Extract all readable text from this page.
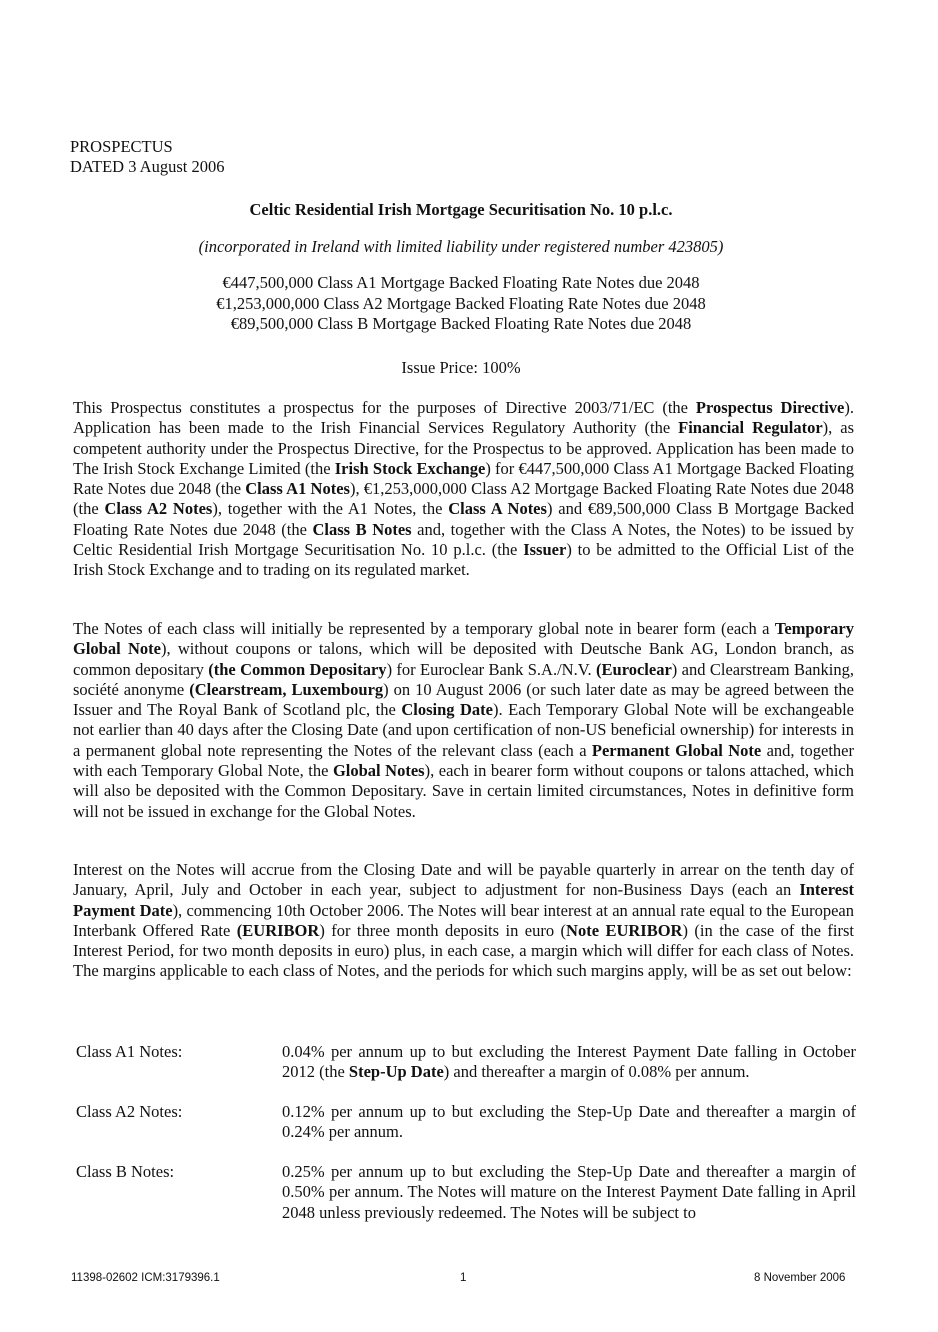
PROSPECTUS
DATED 3 August 2006
Celtic Residential Irish Mortgage Securitisation No. 10 p.l.c.
(incorporated in Ireland with limited liability under registered number 423805)
€447,500,000 Class A1 Mortgage Backed Floating Rate Notes due 2048
€1,253,000,000 Class A2 Mortgage Backed Floating Rate Notes due 2048
€89,500,000 Class B Mortgage Backed Floating Rate Notes due 2048
Issue Price: 100%

This Prospectus constitutes a prospectus for the purposes of Directive 2003/71/EC (the Prospectus Directive). Application has been made to the Irish Financial Services Regulatory Authority (the Financial Regulator), as competent authority under the Prospectus Directive, for the Prospectus to be approved. Application has been made to The Irish Stock Exchange Limited (the Irish Stock Exchange) for €447,500,000 Class A1 Mortgage Backed Floating Rate Notes due 2048 (the Class A1 Notes), €1,253,000,000 Class A2 Mortgage Backed Floating Rate Notes due 2048 (the Class A2 Notes), together with the A1 Notes, the Class A Notes) and €89,500,000 Class B Mortgage Backed Floating Rate Notes due 2048 (the Class B Notes and, together with the Class A Notes, the Notes) to be issued by Celtic Residential Irish Mortgage Securitisation No. 10 p.l.c. (the Issuer) to be admitted to the Official List of the Irish Stock Exchange and to trading on its regulated market.

The Notes of each class will initially be represented by a temporary global note in bearer form (each a Temporary Global Note), without coupons or talons, which will be deposited with Deutsche Bank AG, London branch, as common depositary (the Common Depositary) for Euroclear Bank S.A./N.V. (Euroclear) and Clearstream Banking, société anonyme (Clearstream, Luxembourg) on 10 August 2006 (or such later date as may be agreed between the Issuer and The Royal Bank of Scotland plc, the Closing Date). Each Temporary Global Note will be exchangeable not earlier than 40 days after the Closing Date (and upon certification of non-US beneficial ownership) for interests in a permanent global note representing the Notes of the relevant class (each a Permanent Global Note and, together with each Temporary Global Note, the Global Notes), each in bearer form without coupons or talons attached, which will also be deposited with the Common Depositary. Save in certain limited circumstances, Notes in definitive form will not be issued in exchange for the Global Notes.

Interest on the Notes will accrue from the Closing Date and will be payable quarterly in arrear on the tenth day of January, April, July and October in each year, subject to adjustment for non-Business Days (each an Interest Payment Date), commencing 10th October 2006. The Notes will bear interest at an annual rate equal to the European Interbank Offered Rate (EURIBOR) for three month deposits in euro (Note EURIBOR) (in the case of the first Interest Period, for two month deposits in euro) plus, in each case, a margin which will differ for each class of Notes. The margins applicable to each class of Notes, and the periods for which such margins apply, will be as set out below:

Class A1 Notes:	0.04% per annum up to but excluding the Interest Payment Date falling in October 2012 (the Step-Up Date) and thereafter a margin of 0.08% per annum.
Class A2 Notes:	0.12% per annum up to but excluding the Step-Up Date and thereafter a margin of 0.24% per annum.
Class B Notes:	0.25% per annum up to but excluding the Step-Up Date and thereafter a margin of 0.50% per annum. The Notes will mature on the Interest Payment Date falling in April 2048 unless previously redeemed. The Notes will be subject to
11398-02602 ICM:3179396.1	1	8 November 2006
